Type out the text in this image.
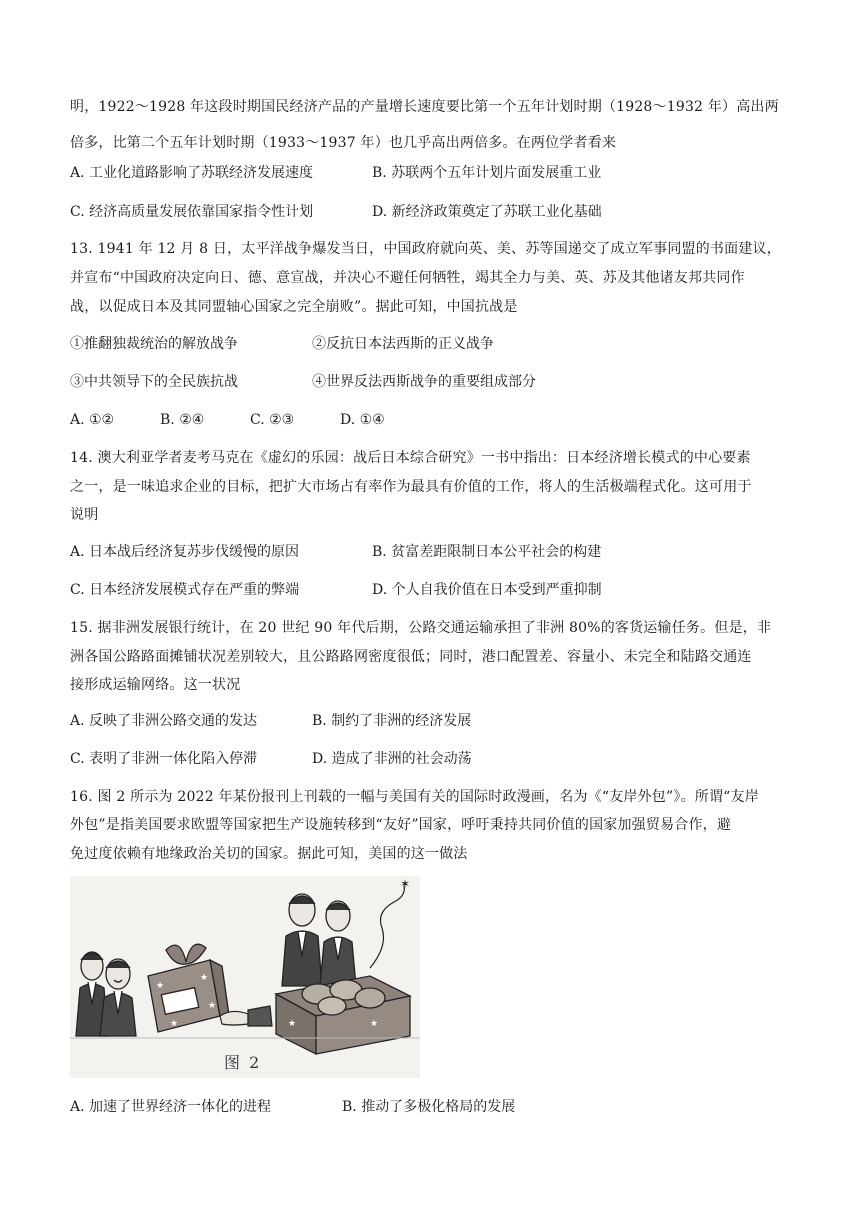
明，1922～1928 年这段时期国民经济产品的产量增长速度要比第一个五年计划时期（1928～1932 年）高出两
倍多，比第二个五年计划时期（1933～1937 年）也几乎高出两倍多。在两位学者看来
A. 工业化道路影响了苏联经济发展速度	B. 苏联两个五年计划片面发展重工业
C. 经济高质量发展依靠国家指令性计划	D. 新经济政策奠定了苏联工业化基础
13. 1941 年 12 月 8 日，太平洋战争爆发当日，中国政府就向英、美、苏等国递交了成立军事同盟的书面建议，
并宣布“中国政府决定向日、德、意宣战，并决心不避任何牺牲，竭其全力与美、英、苏及其他诸友邦共同作
战，以促成日本及其同盟轴心国家之完全崩败”。据此可知，中国抗战是
①推翻独裁统治的解放战争	②反抗日本法西斯的正义战争
③中共领导下的全民族抗战	④世界反法西斯战争的重要组成部分
A. ①②	B. ②④	C. ②③	D. ①④
14. 澳大利亚学者麦考马克在《虚幻的乐园：战后日本综合研究》一书中指出：日本经济增长模式的中心要素
之一，是一味追求企业的目标，把扩大市场占有率作为最具有价值的工作，将人的生活极端程式化。这可用于
说明
A. 日本战后经济复苏步伐缓慢的原因	B. 贫富差距限制日本公平社会的构建
C. 日本经济发展模式存在严重的弊端	D. 个人自我价值在日本受到严重抑制
15. 据非洲发展银行统计，在 20 世纪 90 年代后期，公路交通运输承担了非洲 80%的客货运输任务。但是，非
洲各国公路路面摊铺状况差别较大，且公路路网密度很低；同时，港口配置差、容量小、未完全和陆路交通连
接形成运输网络。这一状况
A. 反映了非洲公路交通的发达	B. 制约了非洲的经济发展
C. 表明了非洲一体化陷入停滞	D. 造成了非洲的社会动荡
16. 图 2 所示为 2022 年某份报刊上刊载的一幅与美国有关的国际时政漫画，名为《“友岸外包”》。所谓“友岸
外包”是指美国要求欧盟等国家把生产设施转移到“友好”国家，呼吁秉持共同价值的国家加强贸易合作，避
免过度依赖有地缘政治关切的国家。据此可知，美国的这一做法
★
★
★
★
✶
★	★
图 2
A. 加速了世界经济一体化的进程	B. 推动了多极化格局的发展
